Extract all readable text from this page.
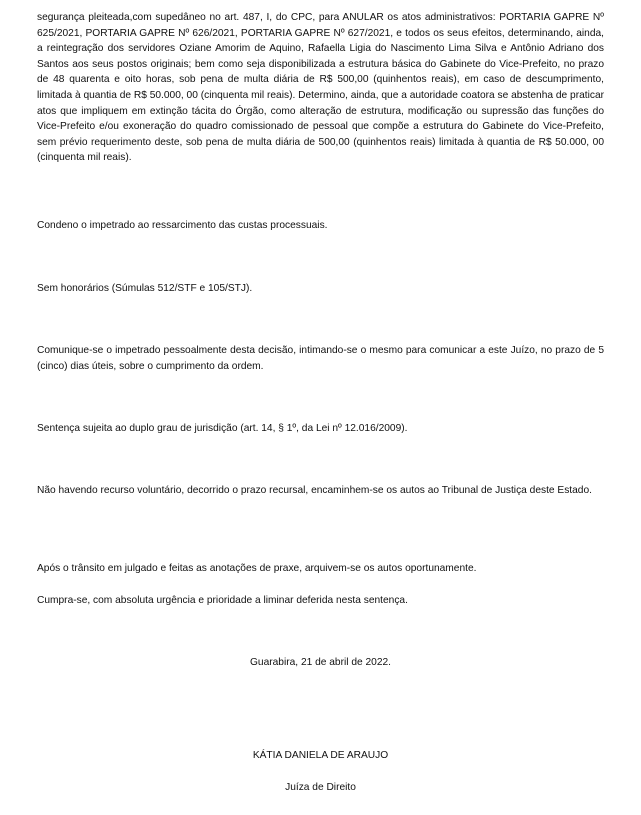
segurança pleiteada,com supedâneo no art. 487, I, do CPC, para ANULAR os atos administrativos: PORTARIA GAPRE Nº 625/2021, PORTARIA GAPRE Nº 626/2021, PORTARIA GAPRE Nº 627/2021, e todos os seus efeitos, determinando, ainda, a reintegração dos servidores Oziane Amorim de Aquino, Rafaella Ligia do Nascimento Lima Silva e Antônio Adriano dos Santos aos seus postos originais; bem como seja disponibilizada a estrutura básica do Gabinete do Vice-Prefeito, no prazo de 48 quarenta e oito horas, sob pena de multa diária de R$ 500,00 (quinhentos reais), em caso de descumprimento, limitada à quantia de R$ 50.000, 00 (cinquenta mil reais). Determino, ainda, que a autoridade coatora se abstenha de praticar atos que impliquem em extinção tácita do Órgão, como alteração de estrutura, modificação ou supressão das funções do Vice-Prefeito e/ou exoneração do quadro comissionado de pessoal que compõe a estrutura do Gabinete do Vice-Prefeito, sem prévio requerimento deste, sob pena de multa diária de 500,00 (quinhentos reais) limitada à quantia de R$ 50.000, 00 (cinquenta mil reais).

Condeno o impetrado ao ressarcimento das custas processuais.

Sem honorários (Súmulas 512/STF e 105/STJ).

Comunique-se o impetrado pessoalmente desta decisão, intimando-se o mesmo para comunicar a este Juízo, no prazo de 5 (cinco) dias úteis, sobre o cumprimento da ordem.

Sentença sujeita ao duplo grau de jurisdição (art. 14, § 1º, da Lei nº 12.016/2009).

Não havendo recurso voluntário, decorrido o prazo recursal, encaminhem-se os autos ao Tribunal de Justiça deste Estado.

Após o trânsito em julgado e feitas as anotações de praxe, arquivem-se os autos oportunamente.

Cumpra-se, com absoluta urgência e prioridade a liminar deferida nesta sentença.

Guarabira, 21 de abril de 2022.

KÁTIA DANIELA DE ARAUJO

Juíza de Direito
